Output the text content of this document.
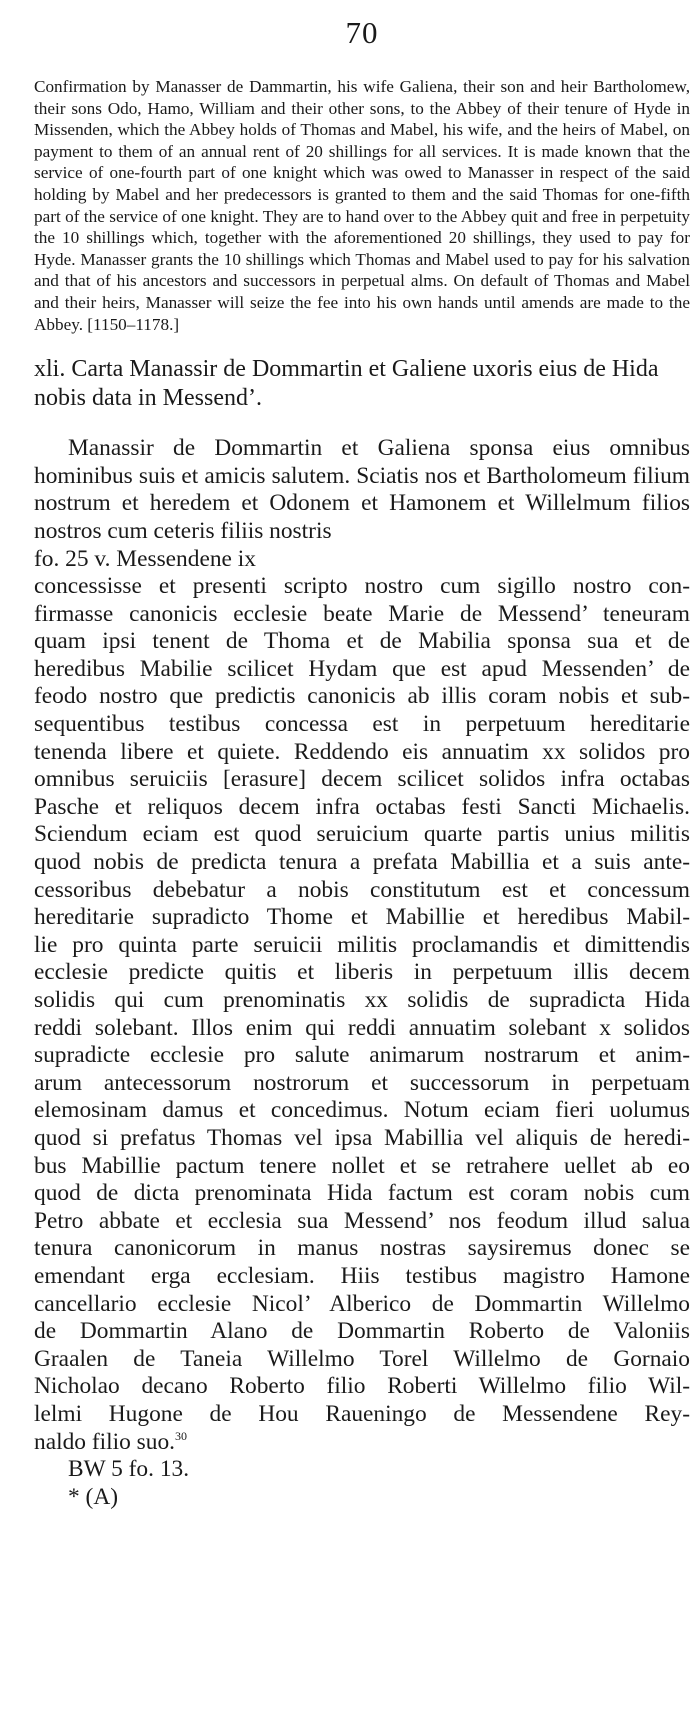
70

Confirmation by Manasser de Dammartin, his wife Galiena, their son and heir Bartholomew, their sons Odo, Hamo, William and their other sons, to the Abbey of their tenure of Hyde in Missenden, which the Abbey holds of Thomas and Mabel, his wife, and the heirs of Mabel, on payment to them of an annual rent of 20 shillings for all services. It is made known that the service of one-fourth part of one knight which was owed to Manasser in respect of the said holding by Mabel and her predecessors is granted to them and the said Thomas for one-fifth part of the service of one knight. They are to hand over to the Abbey quit and free in perpetuity the 10 shillings which, together with the aforementioned 20 shillings, they used to pay for Hyde. Manasser grants the 10 shillings which Thomas and Mabel used to pay for his salvation and that of his ancestors and successors in perpetual alms. On default of Thomas and Mabel and their heirs, Manasser will seize the fee into his own hands until amends are made to the Abbey. [1150–1178.]

xli. Carta Manassir de Dommartin et Galiene uxoris eius de Hida nobis data in Messend’.

Manassir de Dommartin et Galiena sponsa eius omnibus hominibus suis et amicis salutem. Sciatis nos et Bartholomeum filium nostrum et heredem et Odonem et Hamonem et Willelmum filios nostros cum ceteris filiis nostris

fo. 25 v. Messendene ix
concessisse et presenti scripto nostro cum sigillo nostro con-
firmasse canonicis ecclesie beate Marie de Messend’ teneuram
quam ipsi tenent de Thoma et de Mabilia sponsa sua et de
heredibus Mabilie scilicet Hydam que est apud Messenden’ de
feodo nostro que predictis canonicis ab illis coram nobis et sub-
sequentibus testibus concessa est in perpetuum hereditarie
tenenda libere et quiete. Reddendo eis annuatim xx solidos pro
omnibus seruiciis [erasure] decem scilicet solidos infra octabas
Pasche et reliquos decem infra octabas festi Sancti Michaelis.
Sciendum eciam est quod seruicium quarte partis unius militis
quod nobis de predicta tenura a prefata Mabillia et a suis ante-
cessoribus debebatur a nobis constitutum est et concessum
hereditarie supradicto Thome et Mabillie et heredibus Mabil-
lie pro quinta parte seruicii militis proclamandis et dimittendis
ecclesie predicte quitis et liberis in perpetuum illis decem
solidis qui cum prenominatis xx solidis de supradicta Hida
reddi solebant. Illos enim qui reddi annuatim solebant x solidos
supradicte ecclesie pro salute animarum nostrarum et anim-
arum antecessorum nostrorum et successorum in perpetuam
elemosinam damus et concedimus. Notum eciam fieri uolumus
quod si prefatus Thomas vel ipsa Mabillia vel aliquis de heredi-
bus Mabillie pactum tenere nollet et se retrahere uellet ab eo
quod de dicta prenominata Hida factum est coram nobis cum
Petro abbate et ecclesia sua Messend’ nos feodum illud salua
tenura canonicorum in manus nostras saysiremus donec se
emendant erga ecclesiam. Hiis testibus magistro Hamone
cancellario ecclesie Nicol’ Alberico de Dommartin Willelmo
de Dommartin Alano de Dommartin Roberto de Valoniis
Graalen de Taneia Willelmo Torel Willelmo de Gornaio
Nicholao decano Roberto filio Roberti Willelmo filio Wil-
lelmi Hugone de Hou Raueningo de Messendene Rey-
naldo filio suo.$^{30}$
BW 5 fo. 13.
* (A)
